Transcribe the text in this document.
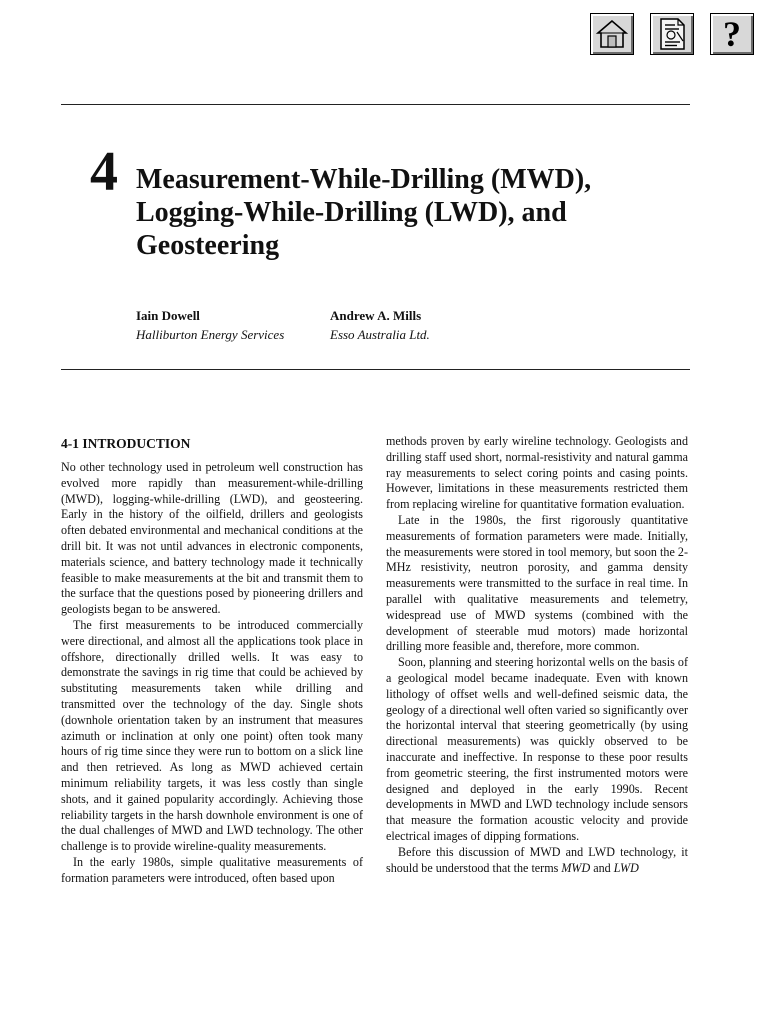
?
4 Measurement-While-Drilling (MWD), Logging-While-Drilling (LWD), and Geosteering
Iain Dowell
Halliburton Energy Services
Andrew A. Mills
Esso Australia Ltd.
4-1 INTRODUCTION

No other technology used in petroleum well construction has evolved more rapidly than measurement-while-drilling (MWD), logging-while-drilling (LWD), and geosteering. Early in the history of the oilfield, drillers and geologists often debated environmental and mechanical conditions at the drill bit. It was not until advances in electronic components, materials science, and battery technology made it technically feasible to make measurements at the bit and transmit them to the surface that the questions posed by pioneering drillers and geologists began to be answered.

The first measurements to be introduced commercially were directional, and almost all the applications took place in offshore, directionally drilled wells. It was easy to demonstrate the savings in rig time that could be achieved by substituting measurements taken while drilling and transmitted over the technology of the day. Single shots (downhole orientation taken by an instrument that measures azimuth or inclination at only one point) often took many hours of rig time since they were run to bottom on a slick line and then retrieved. As long as MWD achieved certain minimum reliability targets, it was less costly than single shots, and it gained popularity accordingly. Achieving those reliability targets in the harsh downhole environment is one of the dual challenges of MWD and LWD technology. The other challenge is to provide wireline-quality measurements.

In the early 1980s, simple qualitative measurements of formation parameters were introduced, often based upon

methods proven by early wireline technology. Geologists and drilling staff used short, normal-resistivity and natural gamma ray measurements to select coring points and casing points. However, limitations in these measurements restricted them from replacing wireline for quantitative formation evaluation.

Late in the 1980s, the first rigorously quantitative measurements of formation parameters were made. Initially, the measurements were stored in tool memory, but soon the 2-MHz resistivity, neutron porosity, and gamma density measurements were transmitted to the surface in real time. In parallel with qualitative measurements and telemetry, widespread use of MWD systems (combined with the development of steerable mud motors) made horizontal drilling more feasible and, therefore, more common.

Soon, planning and steering horizontal wells on the basis of a geological model became inadequate. Even with known lithology of offset wells and well-defined seismic data, the geology of a directional well often varied so significantly over the horizontal interval that steering geometrically (by using directional measurements) was quickly observed to be inaccurate and ineffective. In response to these poor results from geometric steering, the first instrumented motors were designed and deployed in the early 1990s. Recent developments in MWD and LWD technology include sensors that measure the formation acoustic velocity and provide electrical images of dipping formations.

Before this discussion of MWD and LWD technology, it should be understood that the terms MWD and LWD
